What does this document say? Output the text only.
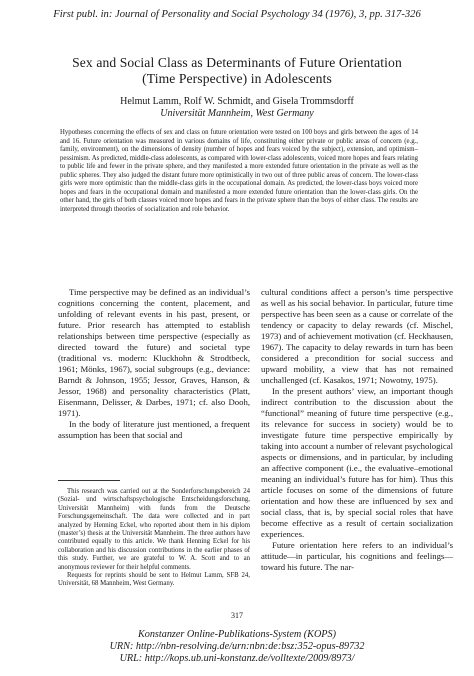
First publ. in: Journal of Personality and Social Psychology 34 (1976), 3, pp. 317-326
Sex and Social Class as Determinants of Future Orientation
(Time Perspective) in Adolescents
Helmut Lamm, Rolf W. Schmidt, and Gisela Trommsdorff
Universität Mannheim, West Germany

Hypotheses concerning the effects of sex and class on future orientation were tested on 100 boys and girls between the ages of 14 and 16. Future orientation was measured in various domains of life, constituting either private or public areas of concern (e.g., family, environment), on the dimensions of density (number of hopes and fears voiced by the subject), extension, and optimism–pessimism. As predicted, middle-class adolescents, as compared with lower-class adolescents, voiced more hopes and fears relating to public life and fewer in the private sphere, and they manifested a more extended future orientation in the private as well as the public spheres. They also judged the distant future more optimistically in two out of three public areas of concern. The lower-class girls were more optimistic than the middle-class girls in the occupational domain. As predicted, the lower-class boys voiced more hopes and fears in the occupational domain and manifested a more extended future orientation than the lower-class girls. On the other hand, the girls of both classes voiced more hopes and fears in the private sphere than the boys of either class. The results are interpreted through theories of socialization and role behavior.

Time perspective may be defined as an individual’s cognitions concerning the content, placement, and unfolding of relevant events in his past, present, or future. Prior research has attempted to establish relationships between time perspective (especially as directed toward the future) and societal type (traditional vs. modern: Kluckhohn & Strodtbeck, 1961; Mönks, 1967), social subgroups (e.g., deviance: Barndt & Johnson, 1955; Jessor, Graves, Hanson, & Jessor, 1968) and personality characteristics (Platt, Eisenmann, Delisser, & Darbes, 1971; cf. also Dooh, 1971).

In the body of literature just mentioned, a frequent assumption has been that social and

cultural conditions affect a person’s time perspective as well as his social behavior. In particular, future time perspective has been seen as a cause or correlate of the tendency or capacity to delay rewards (cf. Mischel, 1973) and of achievement motivation (cf. Heckhausen, 1967). The capacity to delay rewards in turn has been considered a precondition for social success and upward mobility, a view that has not remained unchallenged (cf. Kasakos, 1971; Nowotny, 1975).

In the present authors’ view, an important though indirect contribution to the discussion about the “functional” meaning of future time perspective (e.g., its relevance for success in society) would be to investigate future time perspective empirically by taking into account a number of relevant psychological aspects or dimensions, and in particular, by including an affective component (i.e., the evaluative–emotional meaning an individual’s future has for him). Thus this article focuses on some of the dimensions of future orientation and how these are influenced by sex and social class, that is, by special social roles that have become effective as a result of certain socialization experiences.

Future orientation here refers to an individual’s attitude—in particular, his cognitions and feelings—toward his future. The nar-

This research was carried out at the Sonderforschungsbereich 24 (Sozial- und wirtschaftspsychologische Entscheidungsforschung, Universität Mannheim) with funds from the Deutsche Forschungsgemeinschaft. The data were collected and in part analyzed by Henning Eckel, who reported about them in his diplom (master’s) thesis at the Universität Mannheim. The three authors have contributed equally to this article. We thank Henning Eckel for his collaboration and his discussion contributions in the earlier phases of this study. Further, we are grateful to W. A. Scott and to an anonymous reviewer for their helpful comments.

Requests for reprints should be sent to Helmut Lamm, SFB 24, Universität, 68 Mannheim, West Germany.

317
Konstanzer Online-Publikations-System (KOPS)
URN: http://nbn-resolving.de/urn:nbn:de:bsz:352-opus-89732
URL: http://kops.ub.uni-konstanz.de/volltexte/2009/8973/
